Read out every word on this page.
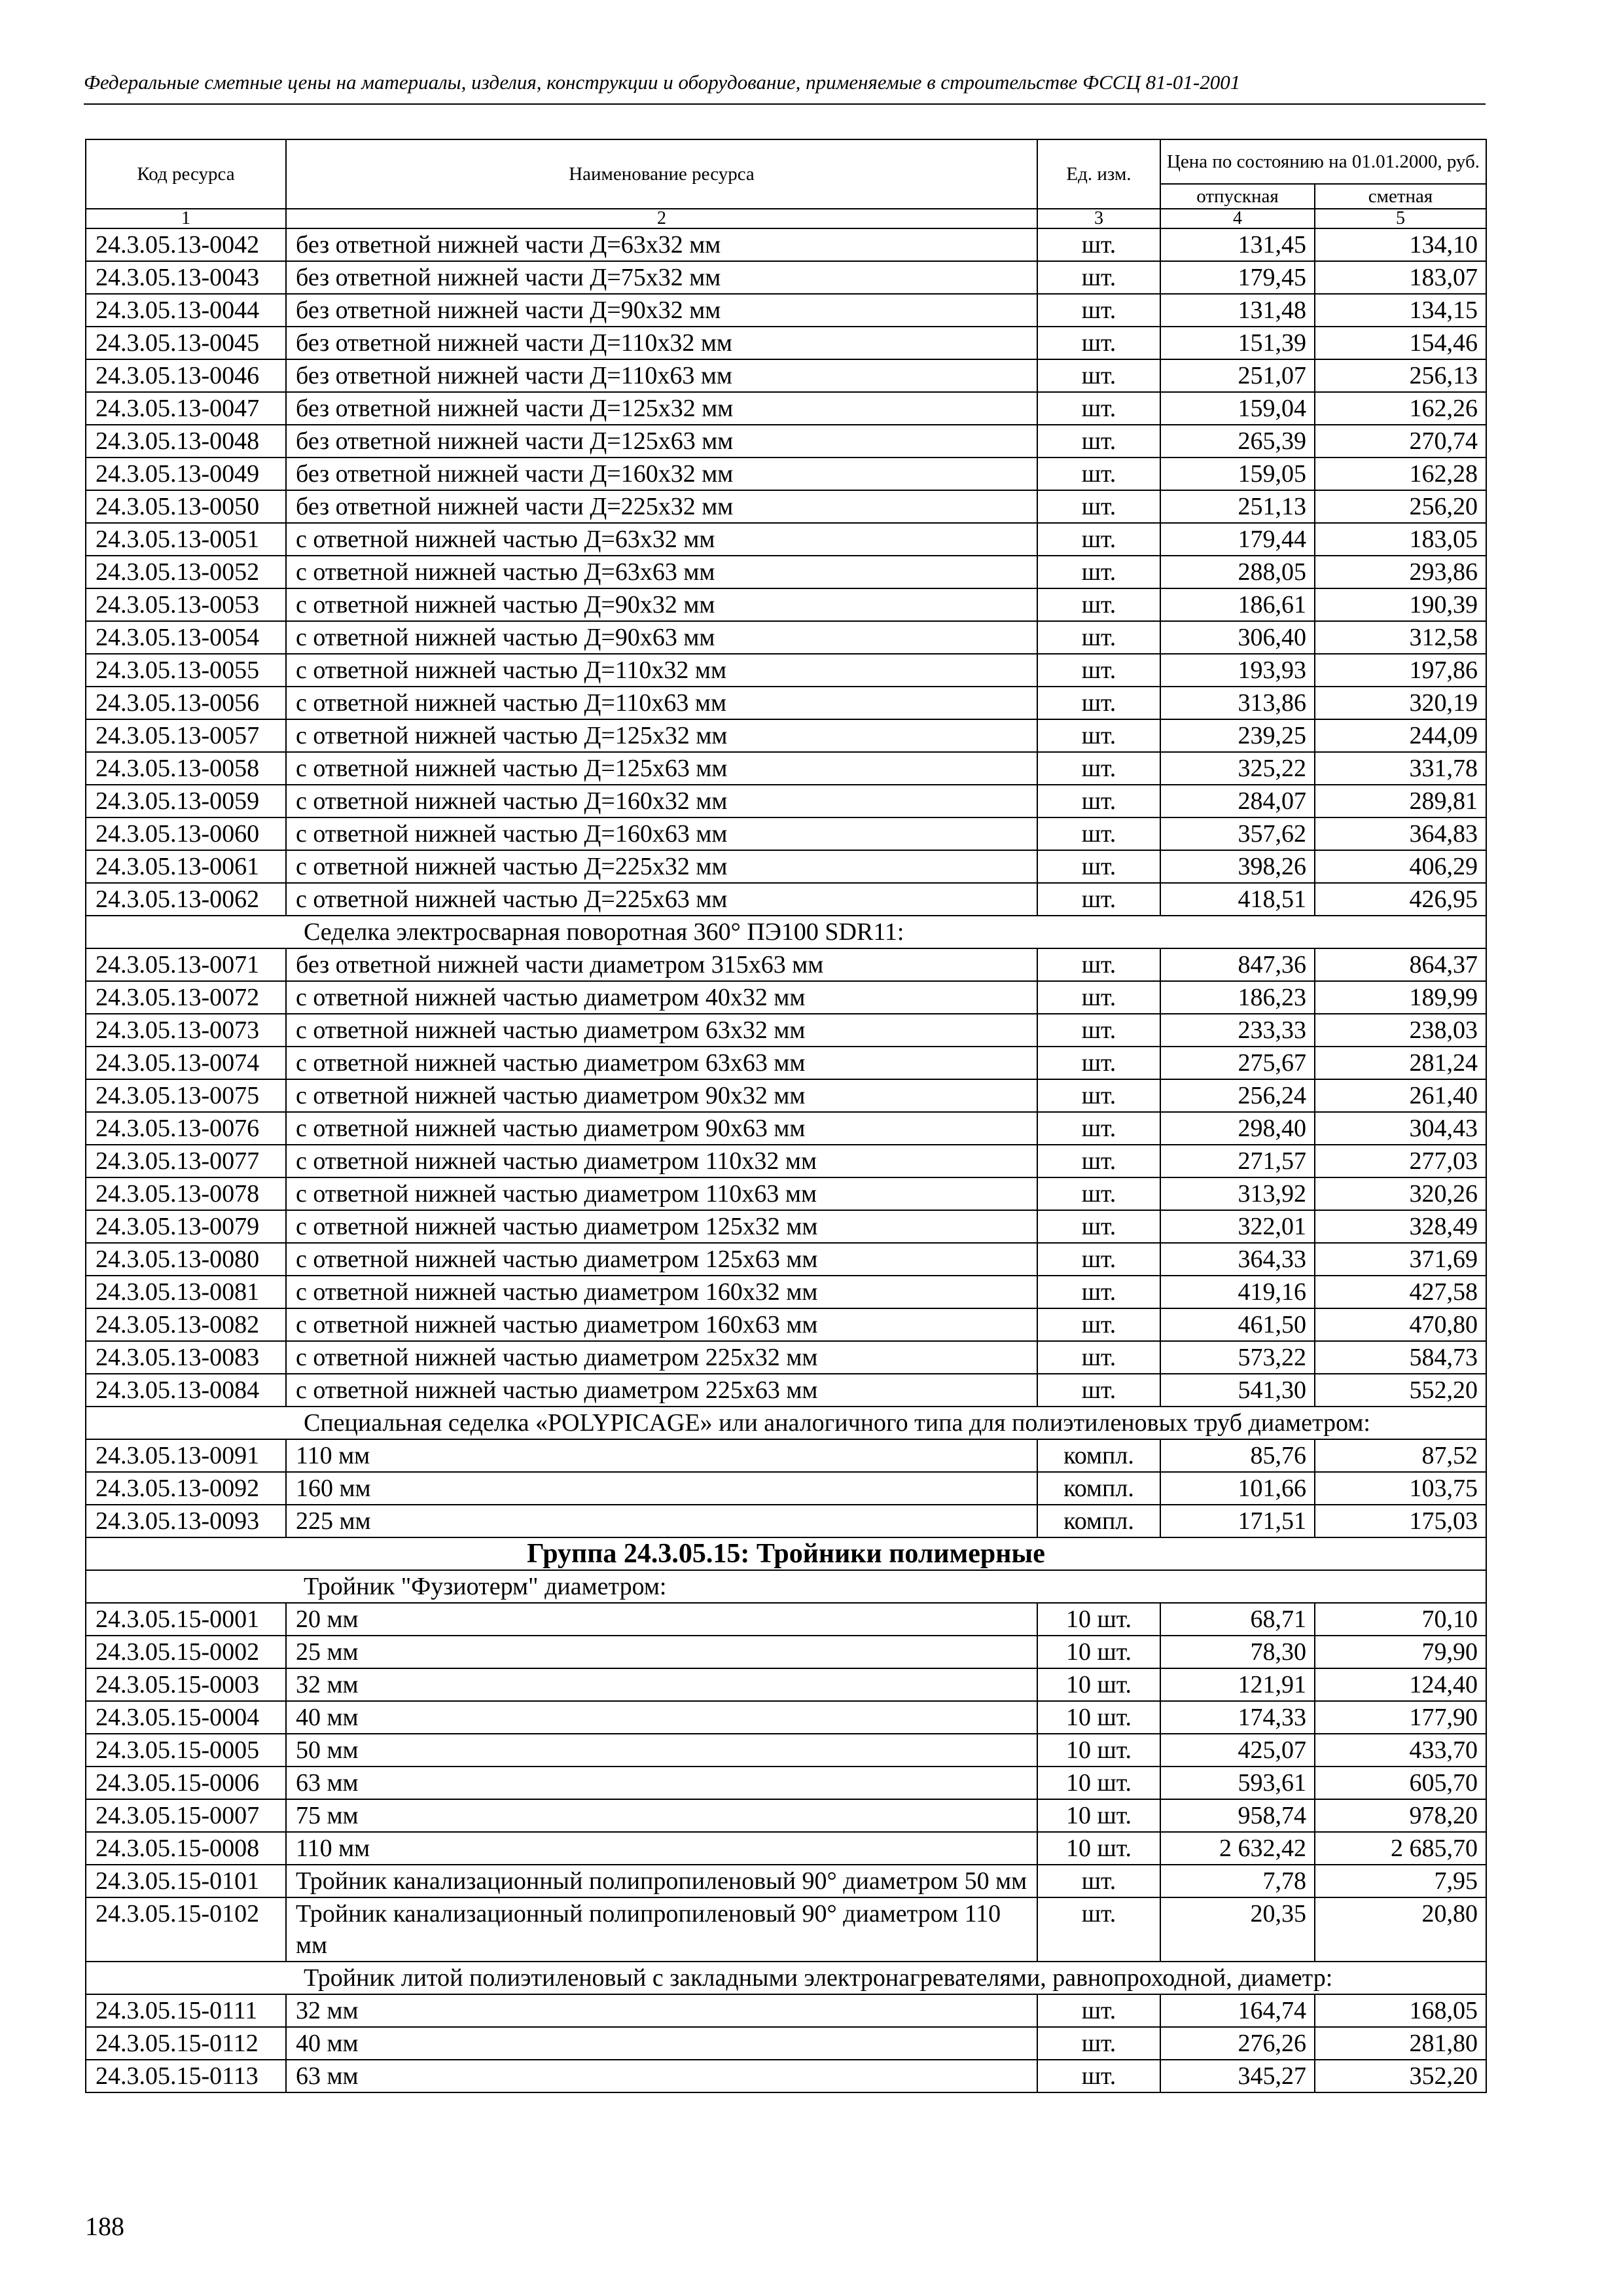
Федеральные сметные цены на материалы, изделия, конструкции и оборудование, применяемые в строительстве ФССЦ 81-01-2001
Код ресурса	Наименование ресурса	Ед. изм.	Цена по состоянию на 01.01.2000, руб.	
			отпускная	сметная
1	2	3	4	5
24.3.05.13-0042	без ответной нижней части Д=63х32 мм	шт.	131,45	134,10
24.3.05.13-0043	без ответной нижней части Д=75х32 мм	шт.	179,45	183,07
24.3.05.13-0044	без ответной нижней части Д=90х32 мм	шт.	131,48	134,15
24.3.05.13-0045	без ответной нижней части Д=110х32 мм	шт.	151,39	154,46
24.3.05.13-0046	без ответной нижней части Д=110х63 мм	шт.	251,07	256,13
24.3.05.13-0047	без ответной нижней части Д=125х32 мм	шт.	159,04	162,26
24.3.05.13-0048	без ответной нижней части Д=125х63 мм	шт.	265,39	270,74
24.3.05.13-0049	без ответной нижней части Д=160х32 мм	шт.	159,05	162,28
24.3.05.13-0050	без ответной нижней части Д=225х32 мм	шт.	251,13	256,20
24.3.05.13-0051	с ответной нижней частью Д=63х32 мм	шт.	179,44	183,05
24.3.05.13-0052	с ответной нижней частью Д=63х63 мм	шт.	288,05	293,86
24.3.05.13-0053	с ответной нижней частью Д=90х32 мм	шт.	186,61	190,39
24.3.05.13-0054	с ответной нижней частью Д=90х63 мм	шт.	306,40	312,58
24.3.05.13-0055	с ответной нижней частью Д=110х32 мм	шт.	193,93	197,86
24.3.05.13-0056	с ответной нижней частью Д=110х63 мм	шт.	313,86	320,19
24.3.05.13-0057	с ответной нижней частью Д=125х32 мм	шт.	239,25	244,09
24.3.05.13-0058	с ответной нижней частью Д=125х63 мм	шт.	325,22	331,78
24.3.05.13-0059	с ответной нижней частью Д=160х32 мм	шт.	284,07	289,81
24.3.05.13-0060	с ответной нижней частью Д=160х63 мм	шт.	357,62	364,83
24.3.05.13-0061	с ответной нижней частью Д=225х32 мм	шт.	398,26	406,29
24.3.05.13-0062	с ответной нижней частью Д=225х63 мм	шт.	418,51	426,95

Седелка электросварная поворотная 360° ПЭ100 SDR11:				

24.3.05.13-0071	без ответной нижней части диаметром 315х63 мм	шт.	847,36	864,37
24.3.05.13-0072	с ответной нижней частью диаметром 40х32 мм	шт.	186,23	189,99
24.3.05.13-0073	с ответной нижней частью диаметром 63х32 мм	шт.	233,33	238,03
24.3.05.13-0074	с ответной нижней частью диаметром 63х63 мм	шт.	275,67	281,24
24.3.05.13-0075	с ответной нижней частью диаметром 90х32 мм	шт.	256,24	261,40
24.3.05.13-0076	с ответной нижней частью диаметром 90х63 мм	шт.	298,40	304,43
24.3.05.13-0077	с ответной нижней частью диаметром 110х32 мм	шт.	271,57	277,03
24.3.05.13-0078	с ответной нижней частью диаметром 110х63 мм	шт.	313,92	320,26
24.3.05.13-0079	с ответной нижней частью диаметром 125х32 мм	шт.	322,01	328,49
24.3.05.13-0080	с ответной нижней частью диаметром 125х63 мм	шт.	364,33	371,69
24.3.05.13-0081	с ответной нижней частью диаметром 160х32 мм	шт.	419,16	427,58
24.3.05.13-0082	с ответной нижней частью диаметром 160х63 мм	шт.	461,50	470,80
24.3.05.13-0083	с ответной нижней частью диаметром 225х32 мм	шт.	573,22	584,73
24.3.05.13-0084	с ответной нижней частью диаметром 225х63 мм	шт.	541,30	552,20

Специальная седелка «POLYPICAGE» или аналогичного типа для полиэтиленовых труб диаметром:				

24.3.05.13-0091	110 мм	компл.	85,76	87,52
24.3.05.13-0092	160 мм	компл.	101,66	103,75
24.3.05.13-0093	225 мм	компл.	171,51	175,03
Группа 24.3.05.15: Тройники полимерные				

Тройник "Фузиотерм" диаметром:				

24.3.05.15-0001	20 мм	10 шт.	68,71	70,10
24.3.05.15-0002	25 мм	10 шт.	78,30	79,90
24.3.05.15-0003	32 мм	10 шт.	121,91	124,40
24.3.05.15-0004	40 мм	10 шт.	174,33	177,90
24.3.05.15-0005	50 мм	10 шт.	425,07	433,70
24.3.05.15-0006	63 мм	10 шт.	593,61	605,70
24.3.05.15-0007	75 мм	10 шт.	958,74	978,20
24.3.05.15-0008	110 мм	10 шт.	2 632,42	2 685,70
24.3.05.15-0101	Тройник канализационный полипропиленовый 90° диаметром 50 мм	шт.	7,78	7,95
24.3.05.15-0102	Тройник канализационный полипропиленовый 90° диаметром 110 мм	шт.	20,35	20,80

Тройник литой полиэтиленовый с закладными электронагревателями, равнопроходной, диаметр:				

24.3.05.15-0111	32 мм	шт.	164,74	168,05
24.3.05.15-0112	40 мм	шт.	276,26	281,80
24.3.05.15-0113	63 мм	шт.	345,27	352,20
188
